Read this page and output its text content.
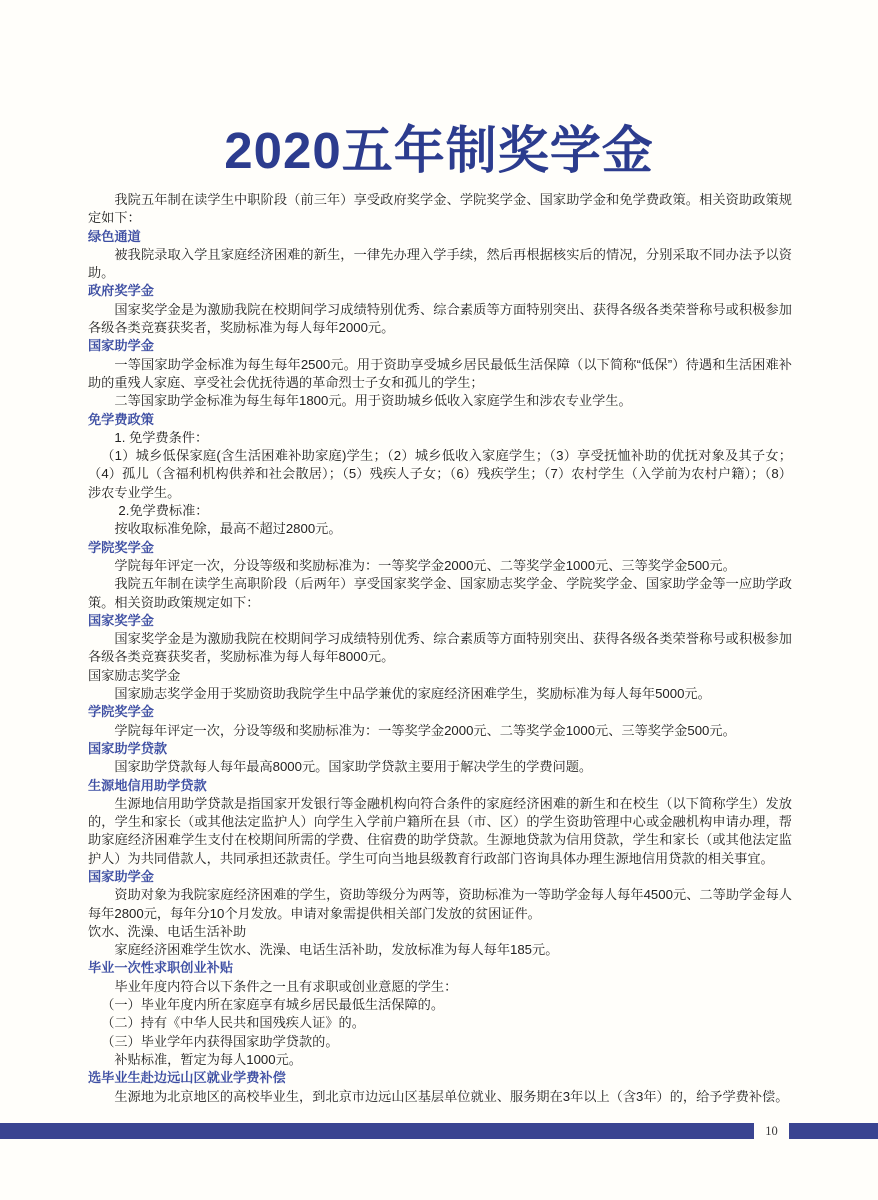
2020五年制奖学金

我院五年制在读学生中职阶段（前三年）享受政府奖学金、学院奖学金、国家助学金和免学费政策。相关资助政策规定如下：

绿色通道

被我院录取入学且家庭经济困难的新生，一律先办理入学手续，然后再根据核实后的情况，分别采取不同办法予以资助。

政府奖学金

国家奖学金是为激励我院在校期间学习成绩特别优秀、综合素质等方面特别突出、获得各级各类荣誉称号或积极参加各级各类竞赛获奖者，奖励标准为每人每年2000元。

国家助学金

一等国家助学金标准为每生每年2500元。用于资助享受城乡居民最低生活保障（以下简称“低保”）待遇和生活困难补助的重残人家庭、享受社会优抚待遇的革命烈士子女和孤儿的学生；

二等国家助学金标准为每生每年1800元。用于资助城乡低收入家庭学生和涉农专业学生。

免学费政策

1. 免学费条件：

（1）城乡低保家庭(含生活困难补助家庭)学生；（2）城乡低收入家庭学生；（3）享受抚恤补助的优抚对象及其子女；（4）孤儿（含福利机构供养和社会散居）；（5）残疾人子女；（6）残疾学生；（7）农村学生（入学前为农村户籍）；（8）涉农专业学生。

2.免学费标准：

按收取标准免除，最高不超过2800元。

学院奖学金

学院每年评定一次，分设等级和奖励标准为：一等奖学金2000元、二等奖学金1000元、三等奖学金500元。

我院五年制在读学生高职阶段（后两年）享受国家奖学金、国家励志奖学金、学院奖学金、国家助学金等一应助学政策。相关资助政策规定如下：

国家奖学金

国家奖学金是为激励我院在校期间学习成绩特别优秀、综合素质等方面特别突出、获得各级各类荣誉称号或积极参加各级各类竞赛获奖者，奖励标准为每人每年8000元。

国家励志奖学金

国家励志奖学金用于奖励资助我院学生中品学兼优的家庭经济困难学生，奖励标准为每人每年5000元。

学院奖学金

学院每年评定一次，分设等级和奖励标准为：一等奖学金2000元、二等奖学金1000元、三等奖学金500元。

国家助学贷款

国家助学贷款每人每年最高8000元。国家助学贷款主要用于解决学生的学费问题。

生源地信用助学贷款

生源地信用助学贷款是指国家开发银行等金融机构向符合条件的家庭经济困难的新生和在校生（以下简称学生）发放的，学生和家长（或其他法定监护人）向学生入学前户籍所在县（市、区）的学生资助管理中心或金融机构申请办理，帮助家庭经济困难学生支付在校期间所需的学费、住宿费的助学贷款。生源地贷款为信用贷款，学生和家长（或其他法定监护人）为共同借款人，共同承担还款责任。学生可向当地县级教育行政部门咨询具体办理生源地信用贷款的相关事宜。

国家助学金

资助对象为我院家庭经济困难的学生，资助等级分为两等，资助标准为一等助学金每人每年4500元、二等助学金每人每年2800元，每年分10个月发放。申请对象需提供相关部门发放的贫困证件。

饮水、洗澡、电话生活补助

家庭经济困难学生饮水、洗澡、电话生活补助，发放标准为每人每年185元。

毕业一次性求职创业补贴

毕业年度内符合以下条件之一且有求职或创业意愿的学生：

（一）毕业年度内所在家庭享有城乡居民最低生活保障的。

（二）持有《中华人民共和国残疾人证》的。

（三）毕业学年内获得国家助学贷款的。

补贴标准，暂定为每人1000元。

选毕业生赴边远山区就业学费补偿

生源地为北京地区的高校毕业生，到北京市边远山区基层单位就业、服务期在3年以上（含3年）的，给予学费补偿。

10
